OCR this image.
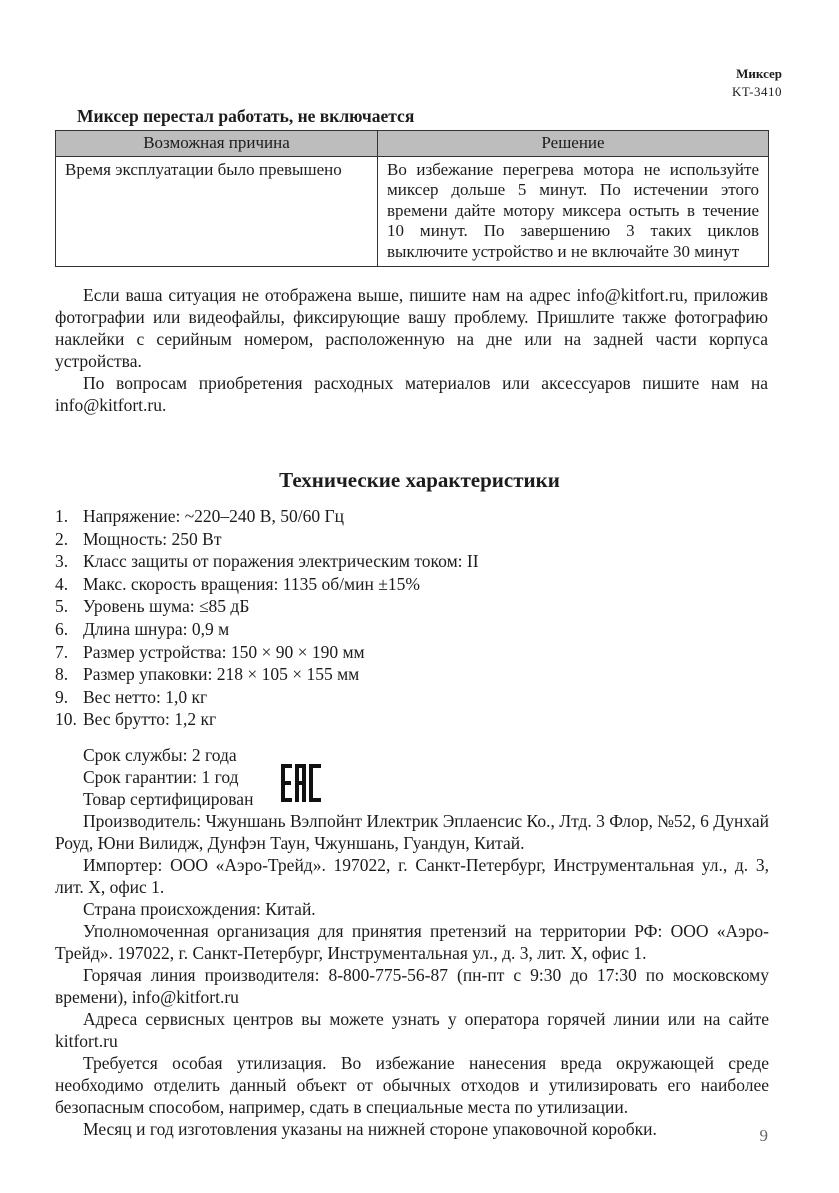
Миксер
KT-3410
Миксер перестал работать, не включается
Возможная причина	Решение
Время эксплуатации было превышено	Во избежание перегрева мотора не используйте миксер дольше 5 минут. По истечении этого времени дайте мотору миксера остыть в течение 10 минут. По завершению 3 таких циклов выключите устройство и не включайте 30 минут

Если ваша ситуация не отображена выше, пишите нам на адрес info@kitfort.ru, приложив фотографии или видеофайлы, фиксирующие вашу проблему. Пришлите также фотографию наклейки с серийным номером, расположенную на дне или на задней части корпуса устройства.

По вопросам приобретения расходных материалов или аксессуаров пишите нам на info@kitfort.ru.

Технические характеристики
1. Напряжение: ~220–240 В, 50/60 Гц
2. Мощность: 250 Вт
3. Класс защиты от поражения электрическим током: II
4. Макс. скорость вращения: 1135 об/мин ±15%
5. Уровень шума: ≤85 дБ
6. Длина шнура: 0,9 м
7. Размер устройства: 150 × 90 × 190 мм
8. Размер упаковки: 218 × 105 × 155 мм
9. Вес нетто: 1,0 кг
10. Вес брутто: 1,2 кг

Срок службы: 2 года

Срок гарантии: 1 год

Товар сертифицирован

Производитель: Чжуншань Вэлпойнт Илектрик Эплаенсис Ко., Лтд. 3 Флор, №52, 6 Дунхай Роуд, Юни Вилидж, Дунфэн Таун, Чжуншань, Гуандун, Китай.

Импортер: ООО «Аэро-Трейд». 197022, г. Санкт-Петербург, Инструментальная ул., д. 3, лит. Х, офис 1.

Страна происхождения: Китай.

Уполномоченная организация для принятия претензий на территории РФ: ООО «Аэро-Трейд». 197022, г. Санкт-Петербург, Инструментальная ул., д. 3, лит. Х, офис 1.

Горячая линия производителя: 8-800-775-56-87 (пн-пт с 9:30 до 17:30 по московскому времени), info@kitfort.ru

Адреса сервисных центров вы можете узнать у оператора горячей линии или на сайте kitfort.ru

Требуется особая утилизация. Во избежание нанесения вреда окружающей среде необходимо отделить данный объект от обычных отходов и утилизировать его наиболее безопасным способом, например, сдать в специальные места по утилизации.

Месяц и год изготовления указаны на нижней стороне упаковочной коробки.	9
